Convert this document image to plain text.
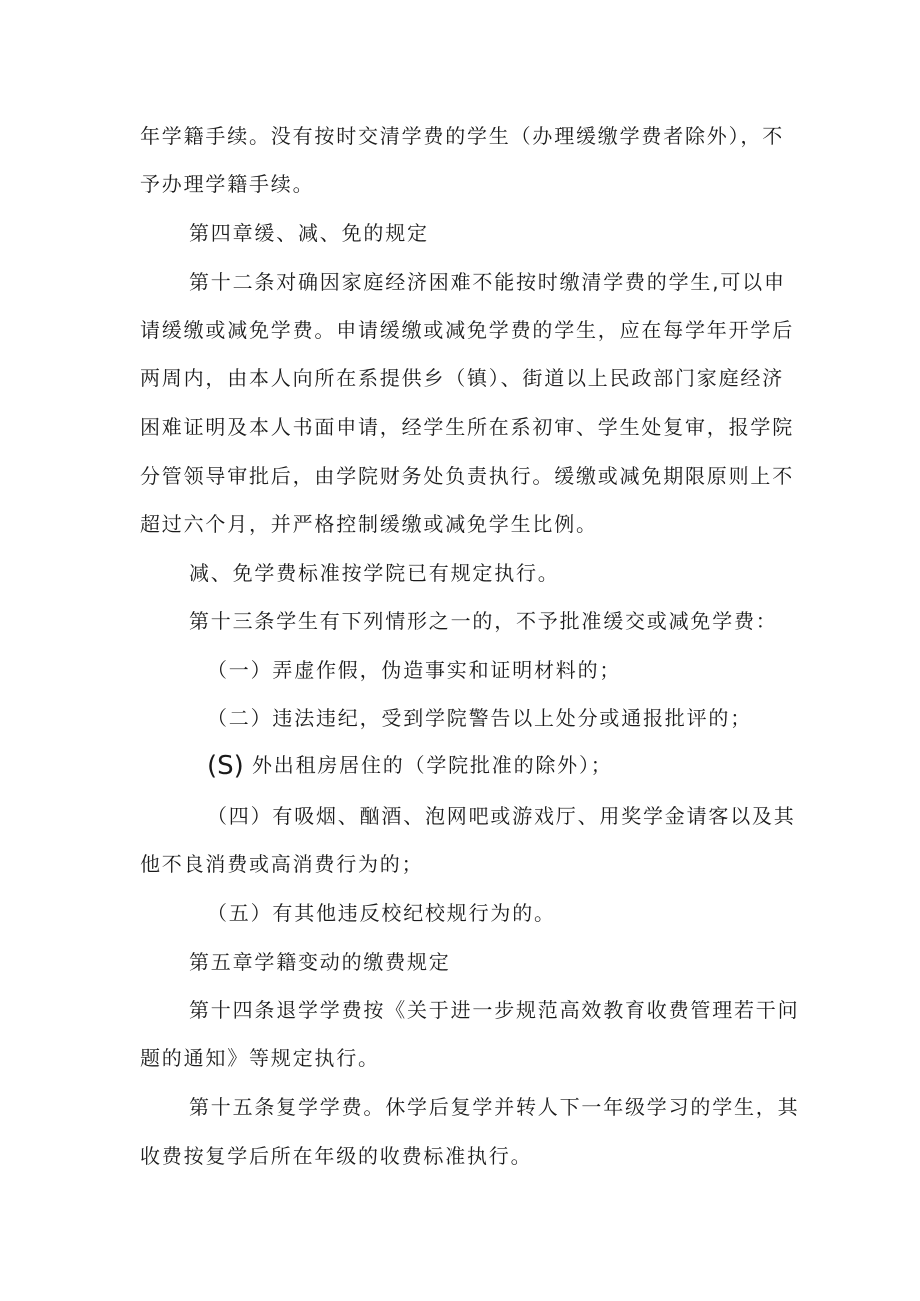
年学籍手续。没有按时交清学费的学生（办理缓缴学费者除外），不
予办理学籍手续。
第四章缓、减、免的规定
第十二条对确因家庭经济困难不能按时缴清学费的学生,可以申
请缓缴或减免学费。申请缓缴或减免学费的学生，应在每学年开学后
两周内，由本人向所在系提供乡（镇）、街道以上民政部门家庭经济
困难证明及本人书面申请，经学生所在系初审、学生处复审，报学院
分管领导审批后，由学院财务处负责执行。缓缴或减免期限原则上不
超过六个月，并严格控制缓缴或减免学生比例。
减、免学费标准按学院已有规定执行。
第十三条学生有下列情形之一的，不予批准缓交或减免学费：
（一）弄虚作假，伪造事实和证明材料的；
（二）违法违纪，受到学院警告以上处分或通报批评的；
(S) 外出租房居住的（学院批准的除外）；
（四）有吸烟、酗酒、泡网吧或游戏厅、用奖学金请客以及其
他不良消费或高消费行为的；
（五）有其他违反校纪校规行为的。
第五章学籍变动的缴费规定
第十四条退学学费按《关于进一步规范高效教育收费管理若干问
题的通知》等规定执行。
第十五条复学学费。休学后复学并转人下一年级学习的学生，其
收费按复学后所在年级的收费标准执行。
